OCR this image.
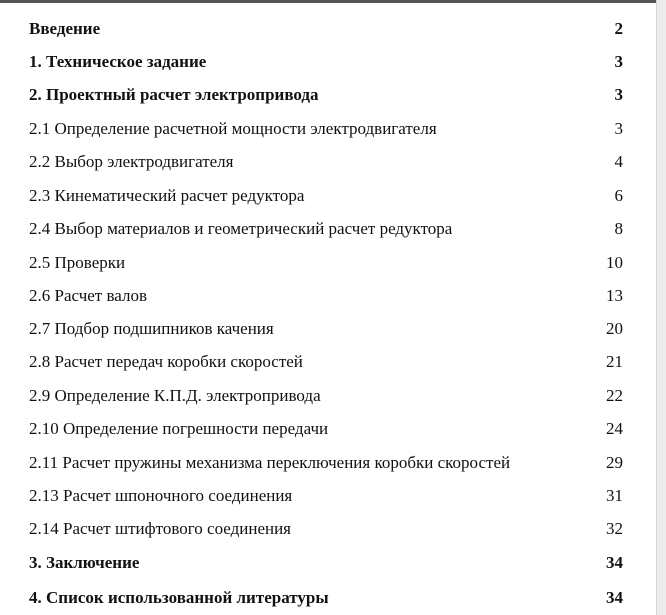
Введение	2
1. Техническое задание	3
2. Проектный расчет электропривода	3
2.1 Определение расчетной мощности электродвигателя	3
2.2 Выбор электродвигателя	4
2.3 Кинематический расчет редуктора	6
2.4 Выбор материалов и геометрический расчет редуктора	8
2.5 Проверки	10
2.6 Расчет валов	13
2.7 Подбор подшипников качения	20
2.8 Расчет передач коробки скоростей	21
2.9 Определение К.П.Д. электропривода	22
2.10 Определение погрешности передачи	24
2.11 Расчет пружины механизма переключения коробки скоростей	29
2.13 Расчет шпоночного соединения	31
2.14 Расчет штифтового соединения	32
3. Заключение	34
4. Список использованной литературы	34
